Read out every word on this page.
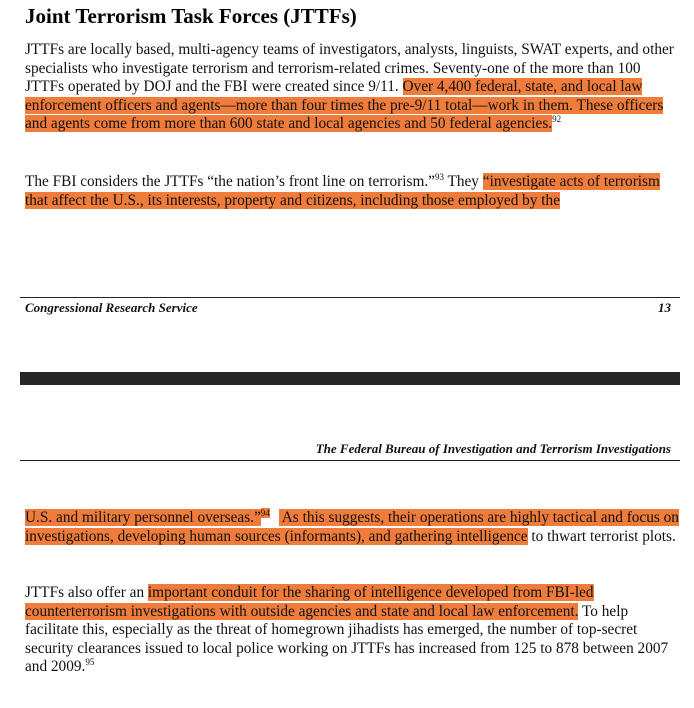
Joint Terrorism Task Forces (JTTFs)
JTTFs are locally based, multi-agency teams of investigators, analysts, linguists, SWAT experts, and other specialists who investigate terrorism and terrorism-related crimes. Seventy-one of the more than 100 JTTFs operated by DOJ and the FBI were created since 9/11. Over 4,400 federal, state, and local law enforcement officers and agents—more than four times the pre-9/11 total—work in them. These officers and agents come from more than 600 state and local agencies and 50 federal agencies.$^{92}$
The FBI considers the JTTFs “the nation’s front line on terrorism.”$^{93}$ They “investigate acts of terrorism that affect the U.S., its interests, property and citizens, including those employed by the
Congressional Research Service	13
The Federal Bureau of Investigation and Terrorism Investigations
U.S. and military personnel overseas.”$^{94}$ As this suggests, their operations are highly tactical and focus on investigations, developing human sources (informants), and gathering intelligence to thwart terrorist plots.
JTTFs also offer an important conduit for the sharing of intelligence developed from FBI-led counterterrorism investigations with outside agencies and state and local law enforcement. To help facilitate this, especially as the threat of homegrown jihadists has emerged, the number of top-secret security clearances issued to local police working on JTTFs has increased from 125 to 878 between 2007 and 2009.95
